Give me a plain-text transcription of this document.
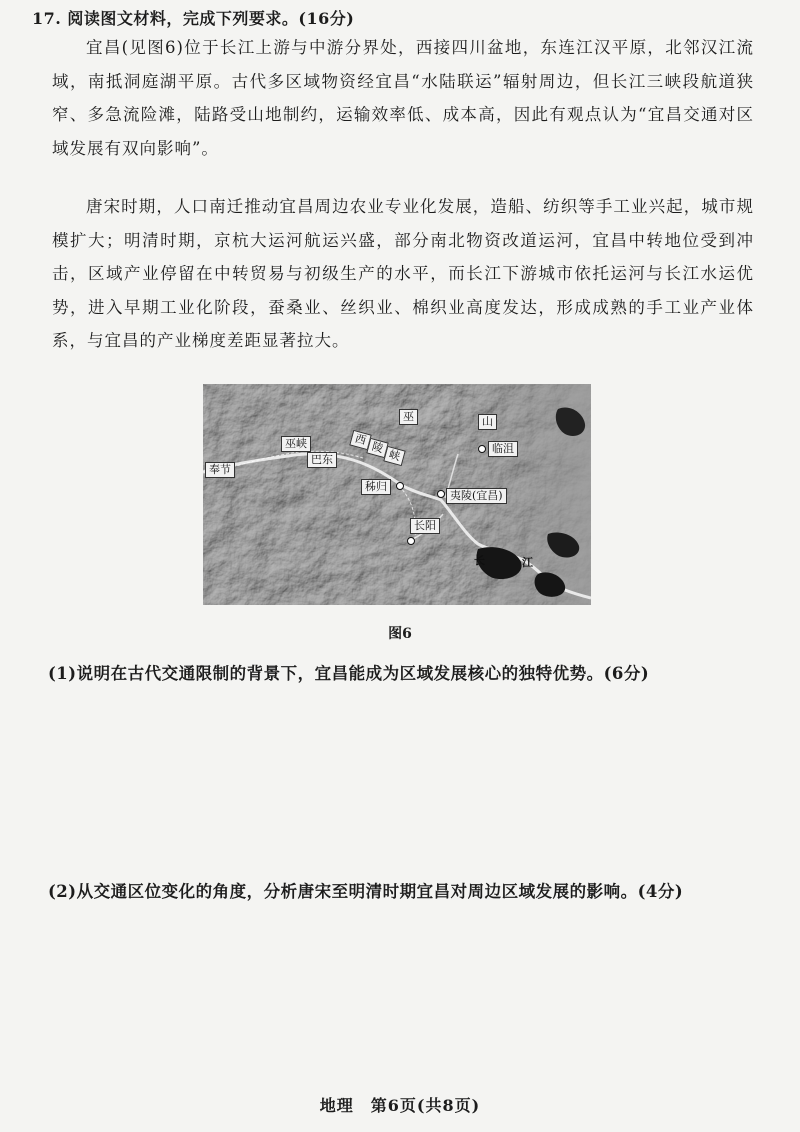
17. 阅读图文材料，完成下列要求。(16分)
宜昌(见图6)位于长江上游与中游分界处，西接四川盆地，东连江汉平原，北邻汉江流域，南抵洞庭湖平原。古代多区域物资经宜昌“水陆联运”辐射周边，但长江三峡段航道狭窄、多急流险滩，陆路受山地制约，运输效率低、成本高，因此有观点认为“宜昌交通对区域发展有双向影响”。
唐宋时期，人口南迁推动宜昌周边农业专业化发展，造船、纺织等手工业兴起，城市规模扩大；明清时期，京杭大运河航运兴盛，部分南北物资改道运河，宜昌中转地位受到冲击，区域产业停留在中转贸易与初级生产的水平，而长江下游城市依托运河与长江水运优势，进入早期工业化阶段，蚕桑业、丝织业、棉织业高度发达，形成成熟的手工业产业体系，与宜昌的产业梯度差距显著拉大。
奉节
巫峡
巴东
西
陵
峡
巫	山
临沮
秭归
夷陵(宜昌)
长阳
长	江
图6
(1)说明在古代交通限制的背景下，宜昌能成为区域发展核心的独特优势。(6分)
(2)从交通区位变化的角度，分析唐宋至明清时期宜昌对周边区域发展的影响。(4分)
地理　第6页(共8页)
